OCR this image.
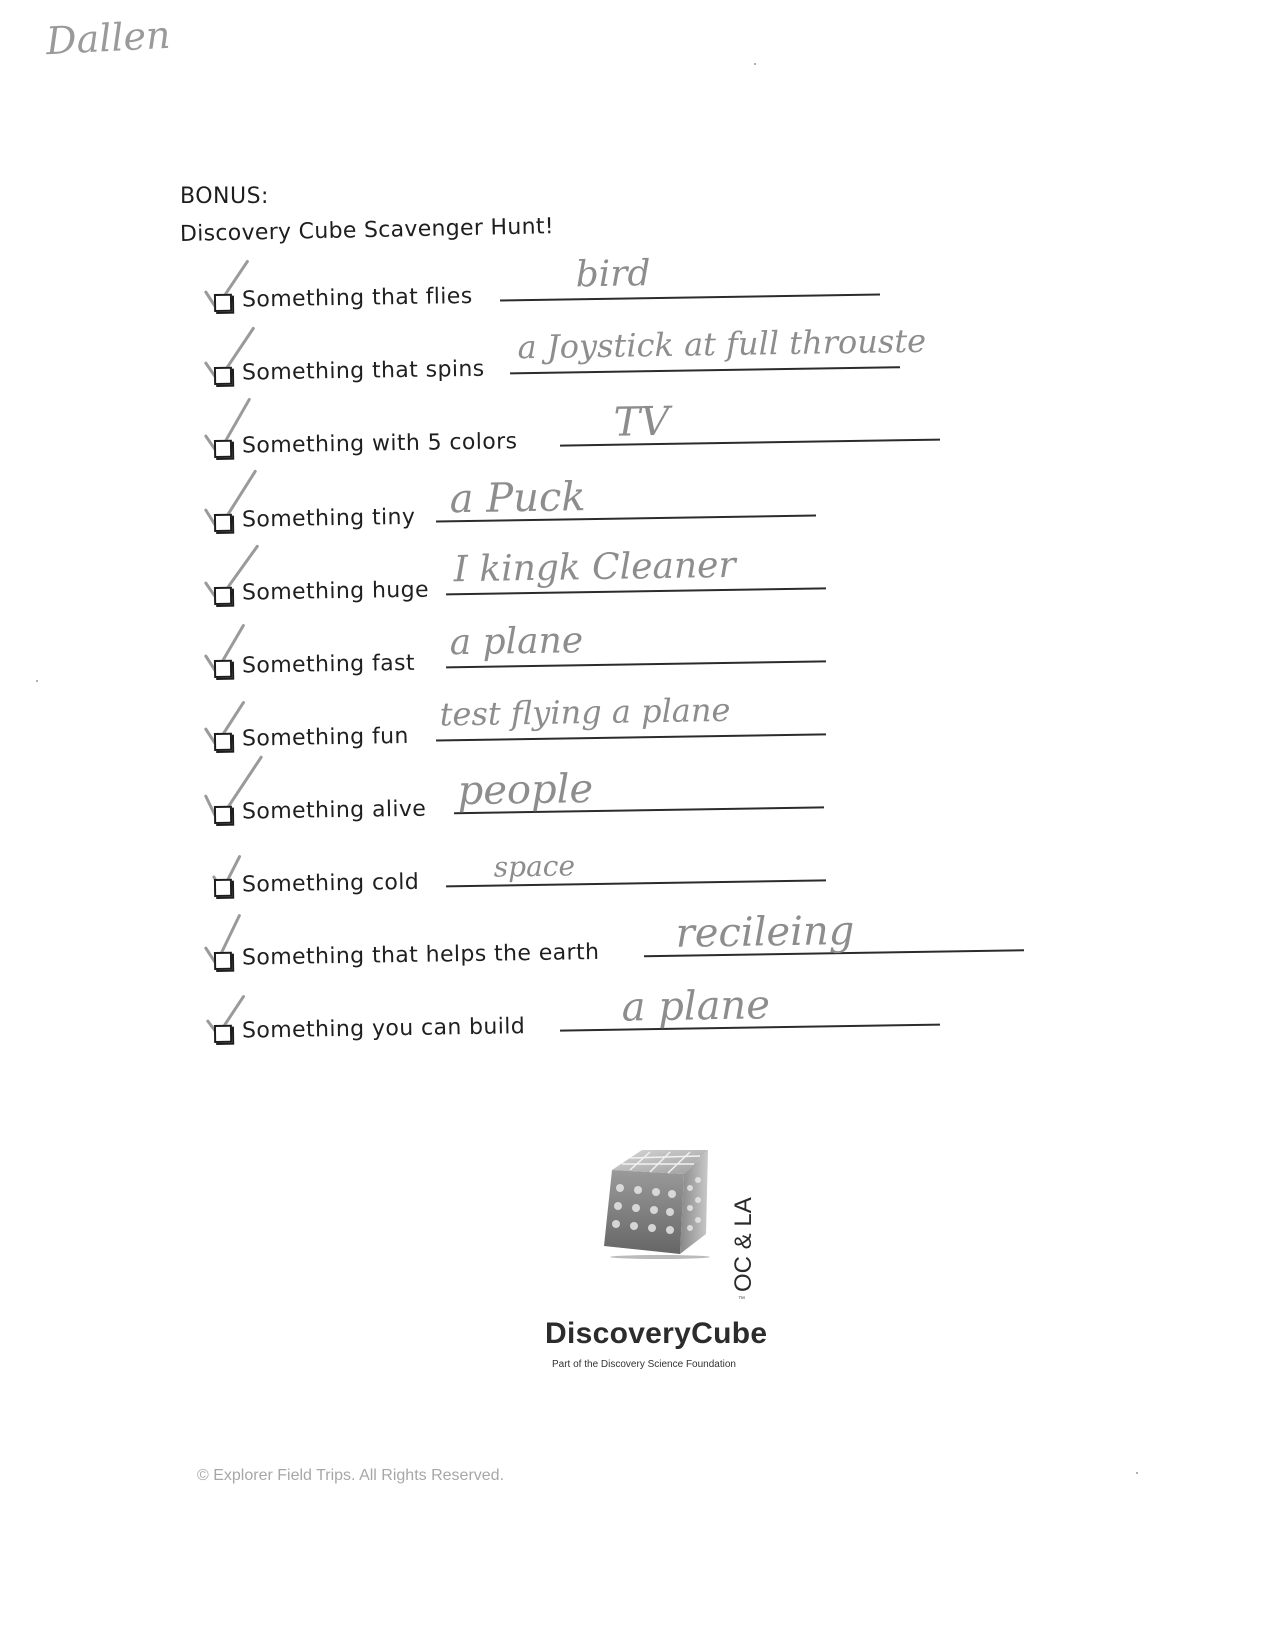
Dallen
BONUS:
Discovery Cube Scavenger Hunt!
Something that flies
bird
Something that spins
a Joystick at full throuste
Something with 5 colors TV
Something tiny a Puck
Something huge
I kingk Cleaner
Something fast
a plane
Something fun
test flying a plane
Something alive people
Something cold
space
Something that helps the earth recileing
Something you can build a plane
OC & LA
™
DiscoveryCube
Part of the Discovery Science Foundation
© Explorer Field Trips. All Rights Reserved.
